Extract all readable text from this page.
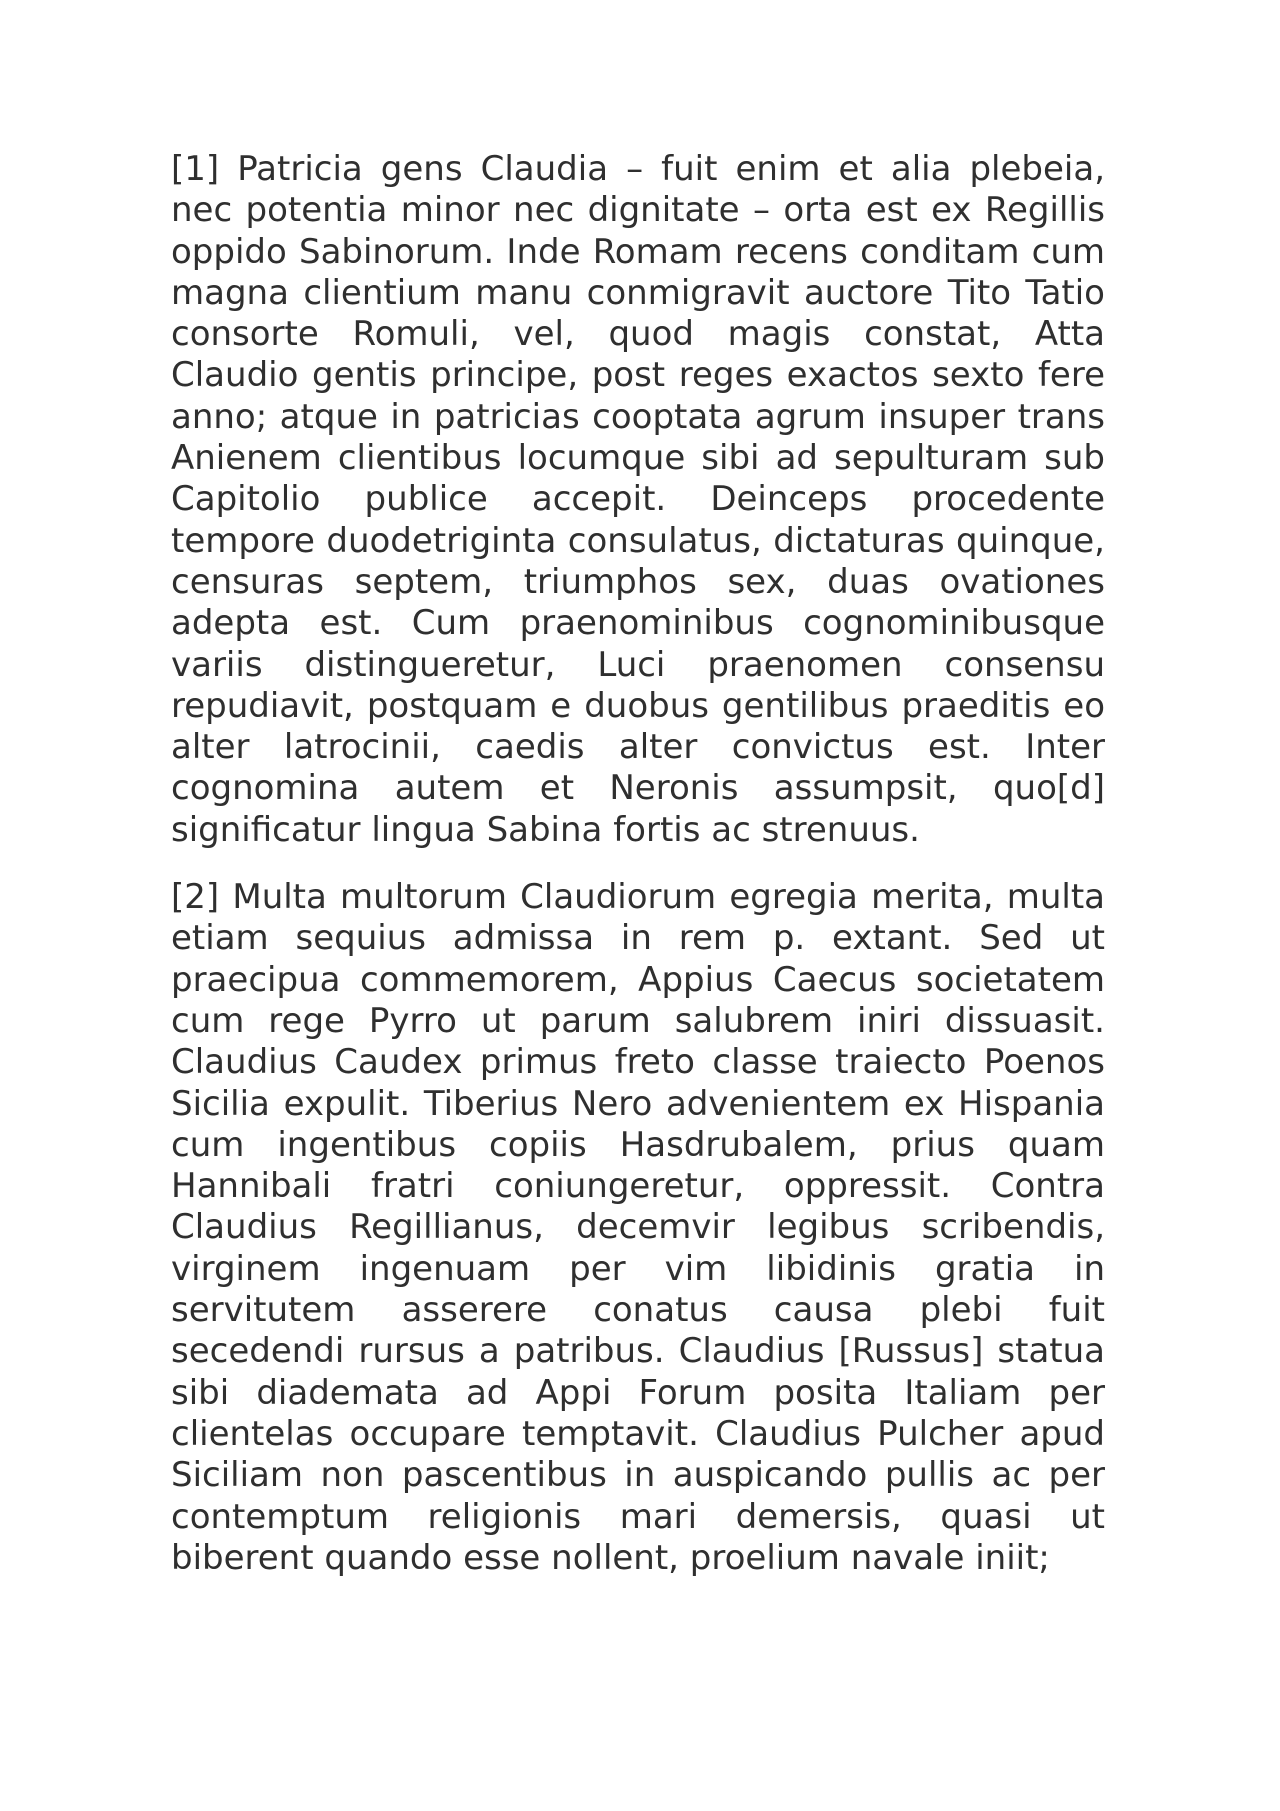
[1] Patricia gens Claudia – fuit enim et alia plebeia, nec potentia minor nec dignitate – orta est ex Regillis oppido Sabinorum. Inde Romam recens conditam cum magna clientium manu conmigravit auctore Tito Tatio consorte Romuli, vel, quod magis constat, Atta Claudio gentis principe, post reges exactos sexto fere anno; atque in patricias cooptata agrum insuper trans Anienem clientibus locumque sibi ad sepulturam sub Capitolio publice accepit. Deinceps procedente tempore duodetriginta consulatus, dictaturas quinque, censuras septem, triumphos sex, duas ovationes adepta est. Cum praenominibus cognominibusque variis distingueretur, Luci praenomen consensu repudiavit, postquam e duobus gentilibus praeditis eo alter latrocinii, caedis alter convictus est. Inter cognomina autem et Neronis assumpsit, quo[d] significatur lingua Sabina fortis ac strenuus.

[2] Multa multorum Claudiorum egregia merita, multa etiam sequius admissa in rem p. extant. Sed ut praecipua commemorem, Appius Caecus societatem cum rege Pyrro ut parum salubrem iniri dissuasit. Claudius Caudex primus freto classe traiecto Poenos Sicilia expulit. Tiberius Nero advenientem ex Hispania cum ingentibus copiis Hasdrubalem, prius quam Hannibali fratri coniungeretur, oppressit. Contra Claudius Regillianus, decemvir legibus scribendis, virginem ingenuam per vim libidinis gratia in servitutem asserere conatus causa plebi fuit secedendi rursus a patribus. Claudius [Russus] statua sibi diademata ad Appi Forum posita Italiam per clientelas occupare temptavit. Claudius Pulcher apud Siciliam non pascentibus in auspicando pullis ac per contemptum religionis mari demersis, quasi ut biberent quando esse nollent, proelium navale iniit;
